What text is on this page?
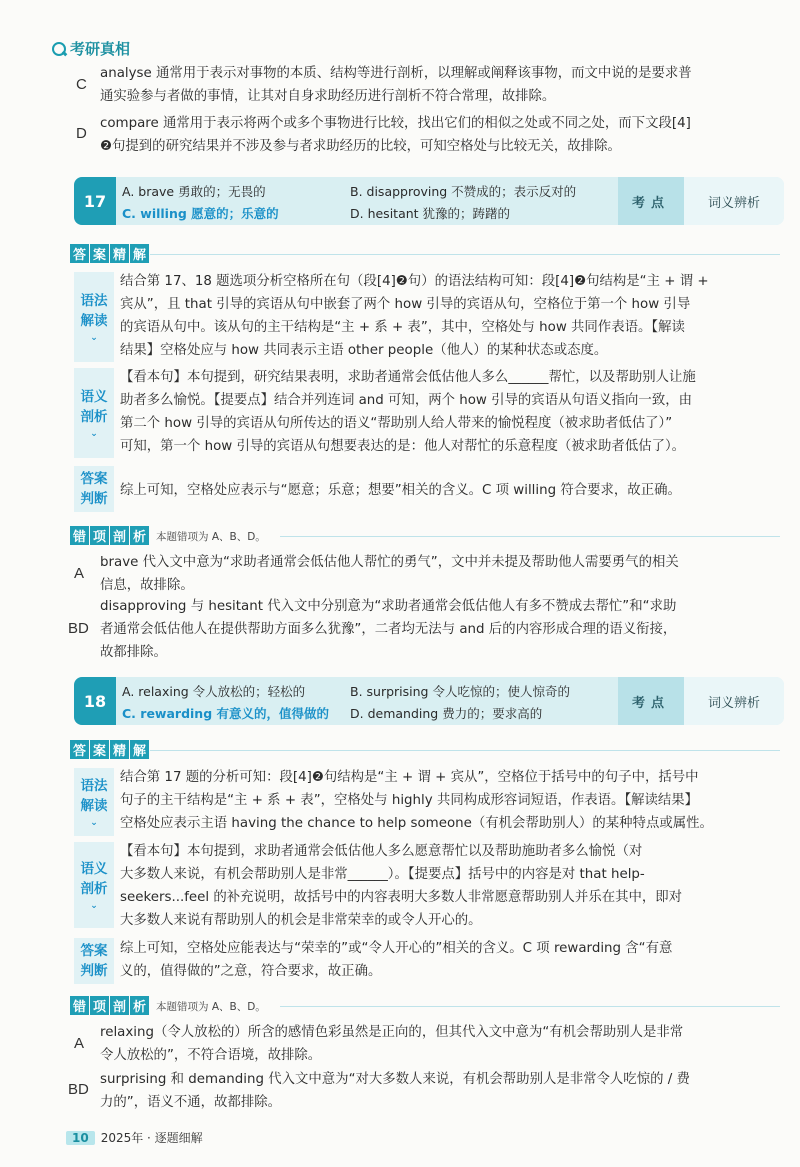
考研真相
C
analyse 通常用于表示对事物的本质、结构等进行剖析，以理解或阐释该事物，而文中说的是要求普
通实验参与者做的事情，让其对自身求助经历进行剖析不符合常理，故排除。
D
compare 通常用于表示将两个或多个事物进行比较，找出它们的相似之处或不同之处，而下文段[4]
❷句提到的研究结果并不涉及参与者求助经历的比较，可知空格处与比较无关，故排除。
17	A. brave 勇敢的；无畏的	B. disapproving 不赞成的；表示反对的
C. willing 愿意的；乐意的	D. hesitant 犹豫的；踌躇的
考点	词义辨析
答 案 精 解
语法
解读
⌄
结合第 17、18 题选项分析空格所在句（段[4]❷句）的语法结构可知：段[4]❷句结构是“主 + 谓 +
宾从”，且 that 引导的宾语从句中嵌套了两个 how 引导的宾语从句，空格位于第一个 how 引导
的宾语从句中。该从句的主干结构是“主 + 系 + 表”，其中，空格处与 how 共同作表语。【解读
结果】空格处应与 how 共同表示主语 other people（他人）的某种状态或态度。
语义
剖析
⌄
【看本句】本句提到，研究结果表明，求助者通常会低估他人多么______帮忙，以及帮助别人让施
助者多么愉悦。【提要点】结合并列连词 and 可知，两个 how 引导的宾语从句语义指向一致，由
第二个 how 引导的宾语从句所传达的语义“帮助别人给人带来的愉悦程度（被求助者低估了）”
可知，第一个 how 引导的宾语从句想要表达的是：他人对帮忙的乐意程度（被求助者低估了）。
答案
判断
综上可知，空格处应表示与“愿意；乐意；想要”相关的含义。C 项 willing 符合要求，故正确。
错 项 剖 析 本题错项为 A、B、D。
A
brave 代入文中意为“求助者通常会低估他人帮忙的勇气”，文中并未提及帮助他人需要勇气的相关
信息，故排除。
BD
disapproving 与 hesitant 代入文中分别意为“求助者通常会低估他人有多不赞成去帮忙”和“求助
者通常会低估他人在提供帮助方面多么犹豫”，二者均无法与 and 后的内容形成合理的语义衔接，
故都排除。
18	A. relaxing 令人放松的；轻松的	B. surprising 令人吃惊的；使人惊奇的
C. rewarding 有意义的，值得做的 D. demanding 费力的；要求高的
考点	词义辨析
答 案 精 解
语法
解读
⌄
结合第 17 题的分析可知：段[4]❷句结构是“主 + 谓 + 宾从”，空格位于括号中的句子中，括号中
句子的主干结构是“主 + 系 + 表”，空格处与 highly 共同构成形容词短语，作表语。【解读结果】
空格处应表示主语 having the chance to help someone（有机会帮助别人）的某种特点或属性。
语义
剖析
⌄
【看本句】本句提到，求助者通常会低估他人多么愿意帮忙以及帮助施助者多么愉悦（对
大多数人来说，有机会帮助别人是非常______）。【提要点】括号中的内容是对 that help-
seekers...feel 的补充说明，故括号中的内容表明大多数人非常愿意帮助别人并乐在其中，即对
大多数人来说有帮助别人的机会是非常荣幸的或令人开心的。
答案
判断
综上可知，空格处应能表达与“荣幸的”或“令人开心的”相关的含义。C 项 rewarding 含“有意
义的，值得做的”之意，符合要求，故正确。
错 项 剖 析 本题错项为 A、B、D。
A
relaxing（令人放松的）所含的感情色彩虽然是正向的，但其代入文中意为“有机会帮助别人是非常
令人放松的”，不符合语境，故排除。
BD
surprising 和 demanding 代入文中意为“对大多数人来说，有机会帮助别人是非常令人吃惊的 / 费
力的”，语义不通，故都排除。
10	2025年 · 逐题细解
